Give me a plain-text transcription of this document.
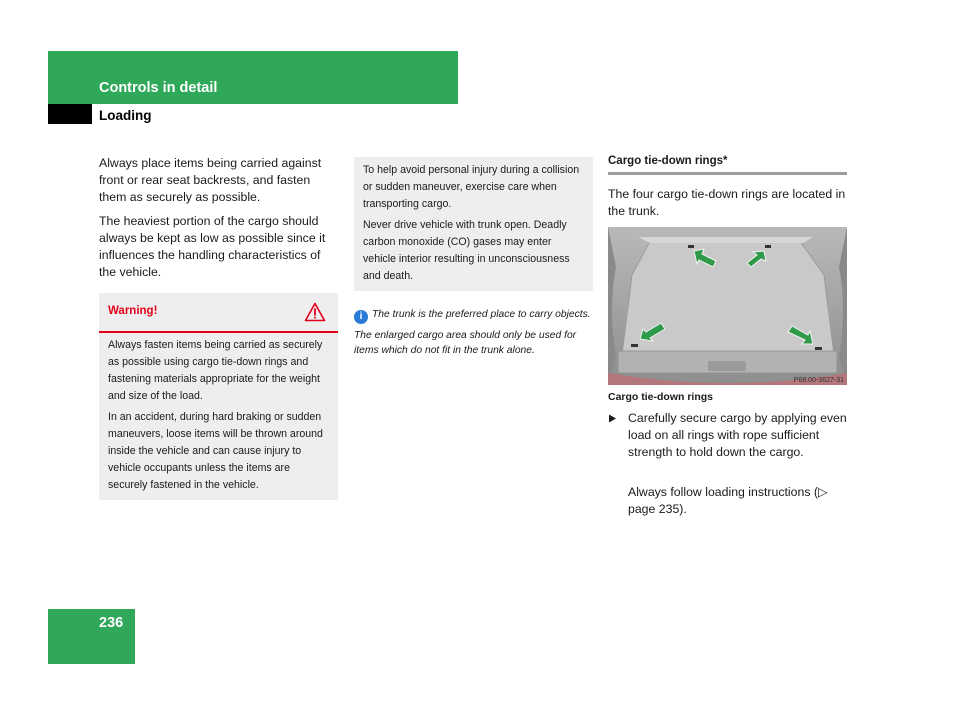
Controls in detail
Loading

Always place items being carried against front or rear seat backrests, and fasten them as securely as possible.

The heaviest portion of the cargo should always be kept as low as possible since it influences the handling characteristics of the vehicle.

Warning!

Always fasten items being carried as securely as possible using cargo tie-down rings and fastening materials appropriate for the weight and size of the load.

In an accident, during hard braking or sudden maneuvers, loose items will be thrown around inside the vehicle and can cause injury to vehicle occupants unless the items are securely fastened in the vehicle.

To help avoid personal injury during a collision or sudden maneuver, exercise care when transporting cargo.

Never drive vehicle with trunk open. Deadly carbon monoxide (CO) gases may enter vehicle interior resulting in unconsciousness and death.

i The trunk is the preferred place to carry objects.

The enlarged cargo area should only be used for items which do not fit in the trunk alone.

Cargo tie-down rings*
The four cargo tie-down rings are located in the trunk.
P68.00-3627-31
Cargo tie-down rings

Carefully secure cargo by applying even load on all rings with rope sufficient strength to hold down the cargo.

Always follow loading instructions (▷ page 235).
236
